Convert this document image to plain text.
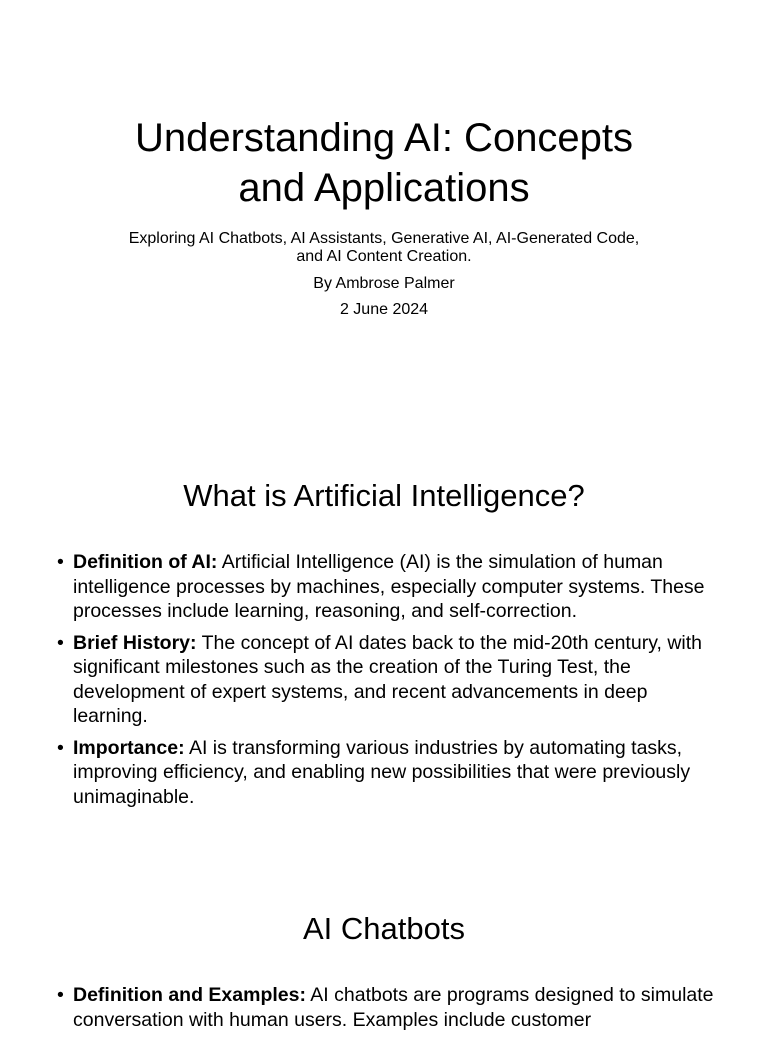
Understanding AI: Concepts
and Applications
Exploring AI Chatbots, AI Assistants, Generative AI, AI-Generated Code,
and AI Content Creation.
By Ambrose Palmer
2 June 2024
What is Artificial Intelligence?
• Definition of AI: Artificial Intelligence (AI) is the simulation of human intelligence processes by machines, especially computer systems. These processes include learning, reasoning, and self-correction.
• Brief History: The concept of AI dates back to the mid-20th century, with significant milestones such as the creation of the Turing Test, the development of expert systems, and recent advancements in deep learning.
• Importance: AI is transforming various industries by automating tasks, improving efficiency, and enabling new possibilities that were previously unimaginable.
AI Chatbots
• Definition and Examples: AI chatbots are programs designed to simulate conversation with human users. Examples include customer
